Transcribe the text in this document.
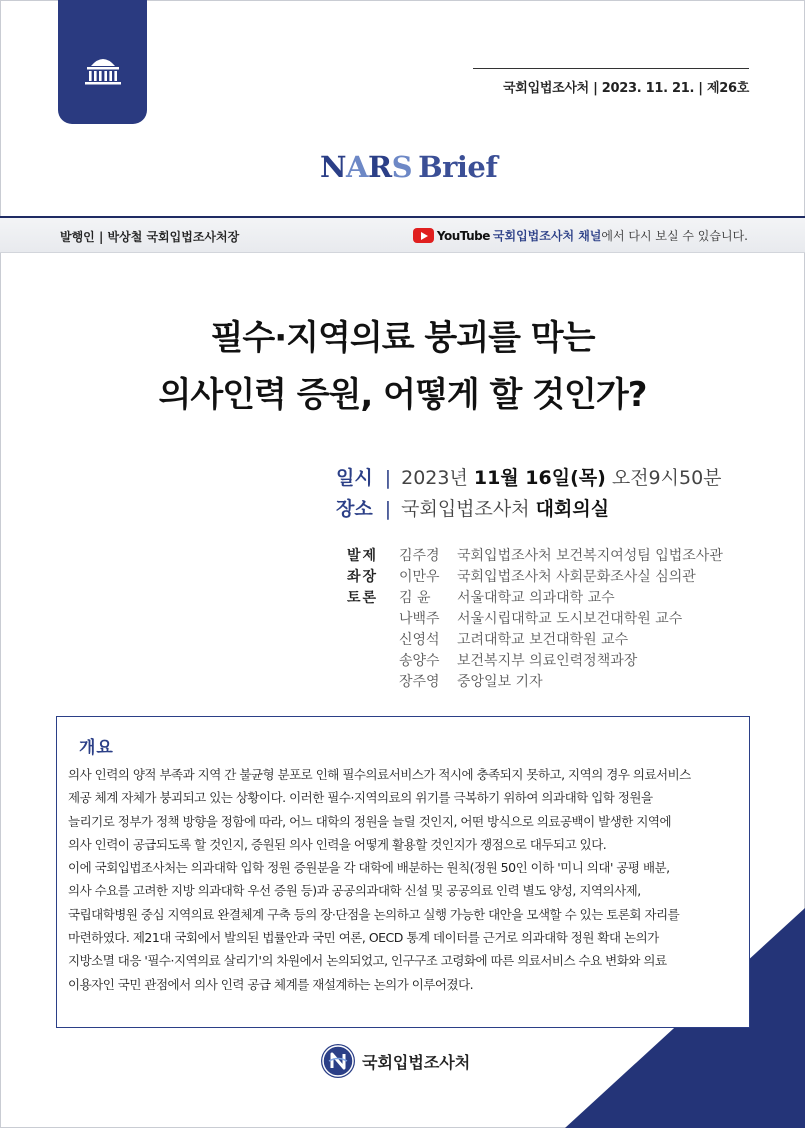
국회입법조사처 | 2023. 11. 21. | 제26호
NARS Brief
발행인 | 박상철 국회입법조사처장	YouTube 국회입법조사처 채널 에서 다시 보실 수 있습니다.
필수·지역의료 붕괴를 막는
의사인력 증원, 어떻게 할 것인가?
일시 | 2023년 11월 16일(목) 오전9시50분
장소 | 국회입법조사처 대회의실
발제	김주경	국회입법조사처 보건복지여성팀 입법조사관
좌장	이만우	국회입법조사처 사회문화조사실 심의관
토론	김 윤	서울대학교 의과대학 교수
나백주	서울시립대학교 도시보건대학원 교수
신영석	고려대학교 보건대학원 교수
송양수	보건복지부 의료인력정책과장
장주영	중앙일보 기자
개요
의사 인력의 양적 부족과 지역 간 불균형 분포로 인해 필수의료서비스가 적시에 충족되지 못하고, 지역의 경우 의료서비스
제공 체계 자체가 붕괴되고 있는 상황이다. 이러한 필수·지역의료의 위기를 극복하기 위하여 의과대학 입학 정원을
늘리기로 정부가 정책 방향을 정함에 따라, 어느 대학의 정원을 늘릴 것인지, 어떤 방식으로 의료공백이 발생한 지역에
의사 인력이 공급되도록 할 것인지, 증원된 의사 인력을 어떻게 활용할 것인지가 쟁점으로 대두되고 있다.
이에 국회입법조사처는 의과대학 입학 정원 증원분을 각 대학에 배분하는 원칙(정원 50인 이하 '미니 의대' 공평 배분,
의사 수요를 고려한 지방 의과대학 우선 증원 등)과 공공의과대학 신설 및 공공의료 인력 별도 양성, 지역의사제,
국립대학병원 중심 지역의료 완결체계 구축 등의 장·단점을 논의하고 실행 가능한 대안을 모색할 수 있는 토론회 자리를
마련하였다. 제21대 국회에서 발의된 법률안과 국민 여론, OECD 통계 데이터를 근거로 의과대학 정원 확대 논의가
지방소멸 대응 '필수·지역의료 살리기'의 차원에서 논의되었고, 인구구조 고령화에 따른 의료서비스 수요 변화와 의료
이용자인 국민 관점에서 의사 인력 공급 체계를 재설계하는 논의가 이루어졌다.
국회입법조사처
